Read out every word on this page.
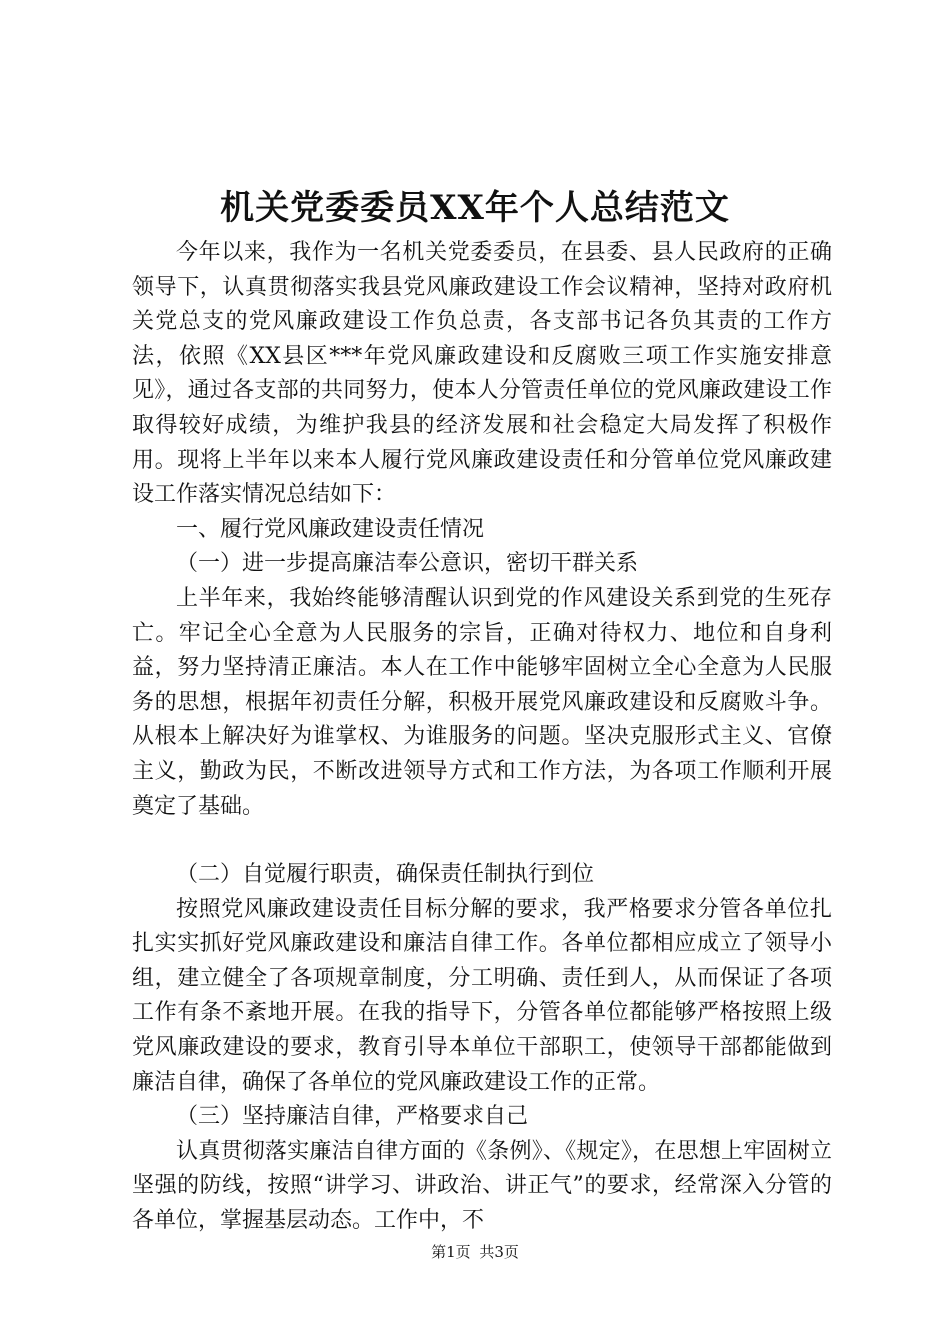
机关党委委员XX年个人总结范文

今年以来，我作为一名机关党委委员，在县委、县人民政府的正确领导下，认真贯彻落实我县党风廉政建设工作会议精神，坚持对政府机关党总支的党风廉政建设工作负总责，各支部书记各负其责的工作方法，依照《XX县区***年党风廉政建设和反腐败三项工作实施安排意见》，通过各支部的共同努力，使本人分管责任单位的党风廉政建设工作取得较好成绩，为维护我县的经济发展和社会稳定大局发挥了积极作用。现将上半年以来本人履行党风廉政建设责任和分管单位党风廉政建设工作落实情况总结如下：

一、履行党风廉政建设责任情况

（一）进一步提高廉洁奉公意识，密切干群关系

上半年来，我始终能够清醒认识到党的作风建设关系到党的生死存亡。牢记全心全意为人民服务的宗旨，正确对待权力、地位和自身利益，努力坚持清正廉洁。本人在工作中能够牢固树立全心全意为人民服务的思想，根据年初责任分解，积极开展党风廉政建设和反腐败斗争。从根本上解决好为谁掌权、为谁服务的问题。坚决克服形式主义、官僚主义，勤政为民，不断改进领导方式和工作方法，为各项工作顺利开展奠定了基础。

（二）自觉履行职责，确保责任制执行到位

按照党风廉政建设责任目标分解的要求，我严格要求分管各单位扎扎实实抓好党风廉政建设和廉洁自律工作。各单位都相应成立了领导小组，建立健全了各项规章制度，分工明确、责任到人，从而保证了各项工作有条不紊地开展。在我的指导下，分管各单位都能够严格按照上级党风廉政建设的要求，教育引导本单位干部职工，使领导干部都能做到廉洁自律，确保了各单位的党风廉政建设工作的正常。

（三）坚持廉洁自律，严格要求自己

认真贯彻落实廉洁自律方面的《条例》、《规定》，在思想上牢固树立坚强的防线，按照“讲学习、讲政治、讲正气”的要求，经常深入分管的各单位，掌握基层动态。工作中，不

第1页 共3页
